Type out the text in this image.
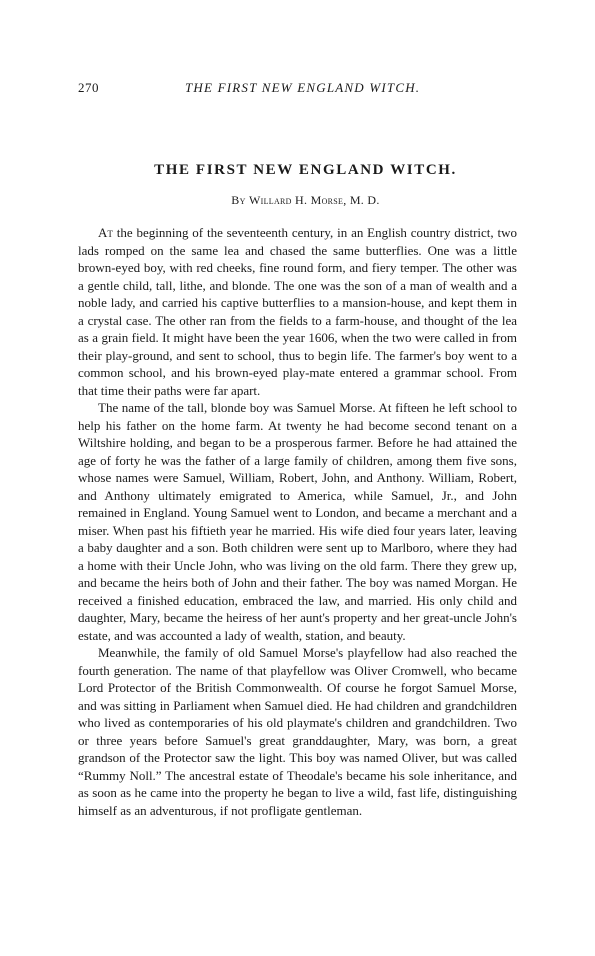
270	THE FIRST NEW ENGLAND WITCH.
THE FIRST NEW ENGLAND WITCH.
By Willard H. Morse, M. D.

At the beginning of the seventeenth century, in an English country district, two lads romped on the same lea and chased the same butterflies. One was a little brown-eyed boy, with red cheeks, fine round form, and fiery temper. The other was a gentle child, tall, lithe, and blonde. The one was the son of a man of wealth and a noble lady, and carried his captive butterflies to a mansion-house, and kept them in a crystal case. The other ran from the fields to a farm-house, and thought of the lea as a grain field. It might have been the year 1606, when the two were called in from their play-ground, and sent to school, thus to begin life. The farmer's boy went to a common school, and his brown-eyed play-mate entered a grammar school. From that time their paths were far apart.

The name of the tall, blonde boy was Samuel Morse. At fifteen he left school to help his father on the home farm. At twenty he had become second tenant on a Wiltshire holding, and began to be a prosperous farmer. Before he had attained the age of forty he was the father of a large family of children, among them five sons, whose names were Samuel, William, Robert, John, and Anthony. William, Robert, and Anthony ultimately emigrated to America, while Samuel, Jr., and John remained in England. Young Samuel went to London, and became a merchant and a miser. When past his fiftieth year he married. His wife died four years later, leaving a baby daughter and a son. Both children were sent up to Marlboro, where they had a home with their Uncle John, who was living on the old farm. There they grew up, and became the heirs both of John and their father. The boy was named Morgan. He received a finished education, embraced the law, and married. His only child and daughter, Mary, became the heiress of her aunt's property and her great-uncle John's estate, and was accounted a lady of wealth, station, and beauty.

Meanwhile, the family of old Samuel Morse's playfellow had also reached the fourth generation. The name of that playfellow was Oliver Cromwell, who became Lord Protector of the British Commonwealth. Of course he forgot Samuel Morse, and was sitting in Parliament when Samuel died. He had children and grandchildren who lived as contemporaries of his old playmate's children and grandchildren. Two or three years before Samuel's great granddaughter, Mary, was born, a great grandson of the Protector saw the light. This boy was named Oliver, but was called “Rummy Noll.” The ancestral estate of Theodale's became his sole inheritance, and as soon as he came into the property he began to live a wild, fast life, distinguishing himself as an adventurous, if not profligate gentleman.
